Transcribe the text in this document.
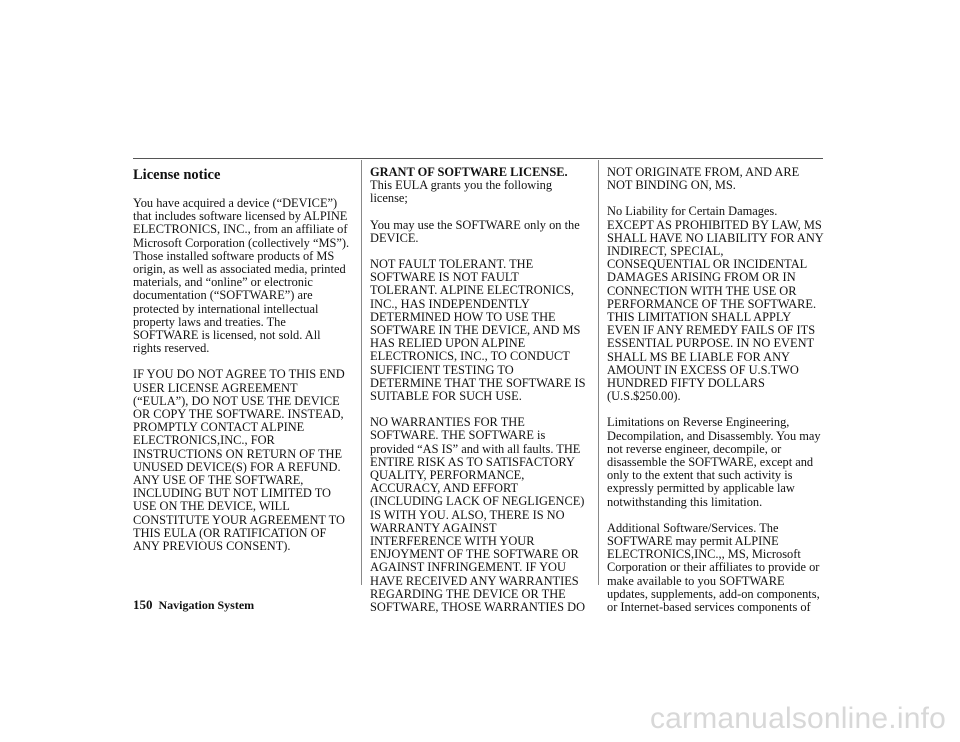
License notice

You have acquired a device (“DEVICE”) that includes software licensed by ALPINE ELECTRONICS, INC., from an affiliate of Microsoft Corporation (collectively “MS”). Those installed software products of MS origin, as well as associated media, printed materials, and “online” or electronic documentation (“SOFTWARE”) are protected by international intellectual property laws and treaties. The SOFTWARE is licensed, not sold. All rights reserved.

IF YOU DO NOT AGREE TO THIS END USER LICENSE AGREEMENT (“EULA”), DO NOT USE THE DEVICE OR COPY THE SOFTWARE. INSTEAD, PROMPTLY CONTACT ALPINE ELECTRONICS,INC., FOR INSTRUCTIONS ON RETURN OF THE UNUSED DEVICE(S) FOR A REFUND. ANY USE OF THE SOFTWARE, INCLUDING BUT NOT LIMITED TO USE ON THE DEVICE, WILL CONSTITUTE YOUR AGREEMENT TO THIS EULA (OR RATIFICATION OF ANY PREVIOUS CONSENT).

GRANT OF SOFTWARE LICENSE.

This EULA grants you the following license;

You may use the SOFTWARE only on the DEVICE.

NOT FAULT TOLERANT. THE SOFTWARE IS NOT FAULT TOLERANT. ALPINE ELECTRONICS, INC., HAS INDEPENDENTLY DETERMINED HOW TO USE THE SOFTWARE IN THE DEVICE, AND MS HAS RELIED UPON ALPINE ELECTRONICS, INC., TO CONDUCT SUFFICIENT TESTING TO DETERMINE THAT THE SOFTWARE IS SUITABLE FOR SUCH USE.

NO WARRANTIES FOR THE SOFTWARE. THE SOFTWARE is provided “AS IS” and with all faults. THE ENTIRE RISK AS TO SATISFACTORY QUALITY, PERFORMANCE, ACCURACY, AND EFFORT (INCLUDING LACK OF NEGLIGENCE) IS WITH YOU. ALSO, THERE IS NO WARRANTY AGAINST INTERFERENCE WITH YOUR ENJOYMENT OF THE SOFTWARE OR AGAINST INFRINGEMENT. IF YOU HAVE RECEIVED ANY WARRANTIES REGARDING THE DEVICE OR THE SOFTWARE, THOSE WARRANTIES DO

NOT ORIGINATE FROM, AND ARE NOT BINDING ON, MS.

No Liability for Certain Damages. EXCEPT AS PROHIBITED BY LAW, MS SHALL HAVE NO LIABILITY FOR ANY INDIRECT, SPECIAL, CONSEQUENTIAL OR INCIDENTAL DAMAGES ARISING FROM OR IN CONNECTION WITH THE USE OR PERFORMANCE OF THE SOFTWARE. THIS LIMITATION SHALL APPLY EVEN IF ANY REMEDY FAILS OF ITS ESSENTIAL PURPOSE. IN NO EVENT SHALL MS BE LIABLE FOR ANY AMOUNT IN EXCESS OF U.S.TWO HUNDRED FIFTY DOLLARS (U.S.$250.00).

Limitations on Reverse Engineering, Decompilation, and Disassembly. You may not reverse engineer, decompile, or disassemble the SOFTWARE, except and only to the extent that such activity is expressly permitted by applicable law notwithstanding this limitation.

Additional Software/Services. The SOFTWARE may permit ALPINE ELECTRONICS,INC.,, MS, Microsoft Corporation or their affiliates to provide or make available to you SOFTWARE updates, supplements, add-on components, or Internet-based services components of

150 Navigation System
carmanualsonline.info
